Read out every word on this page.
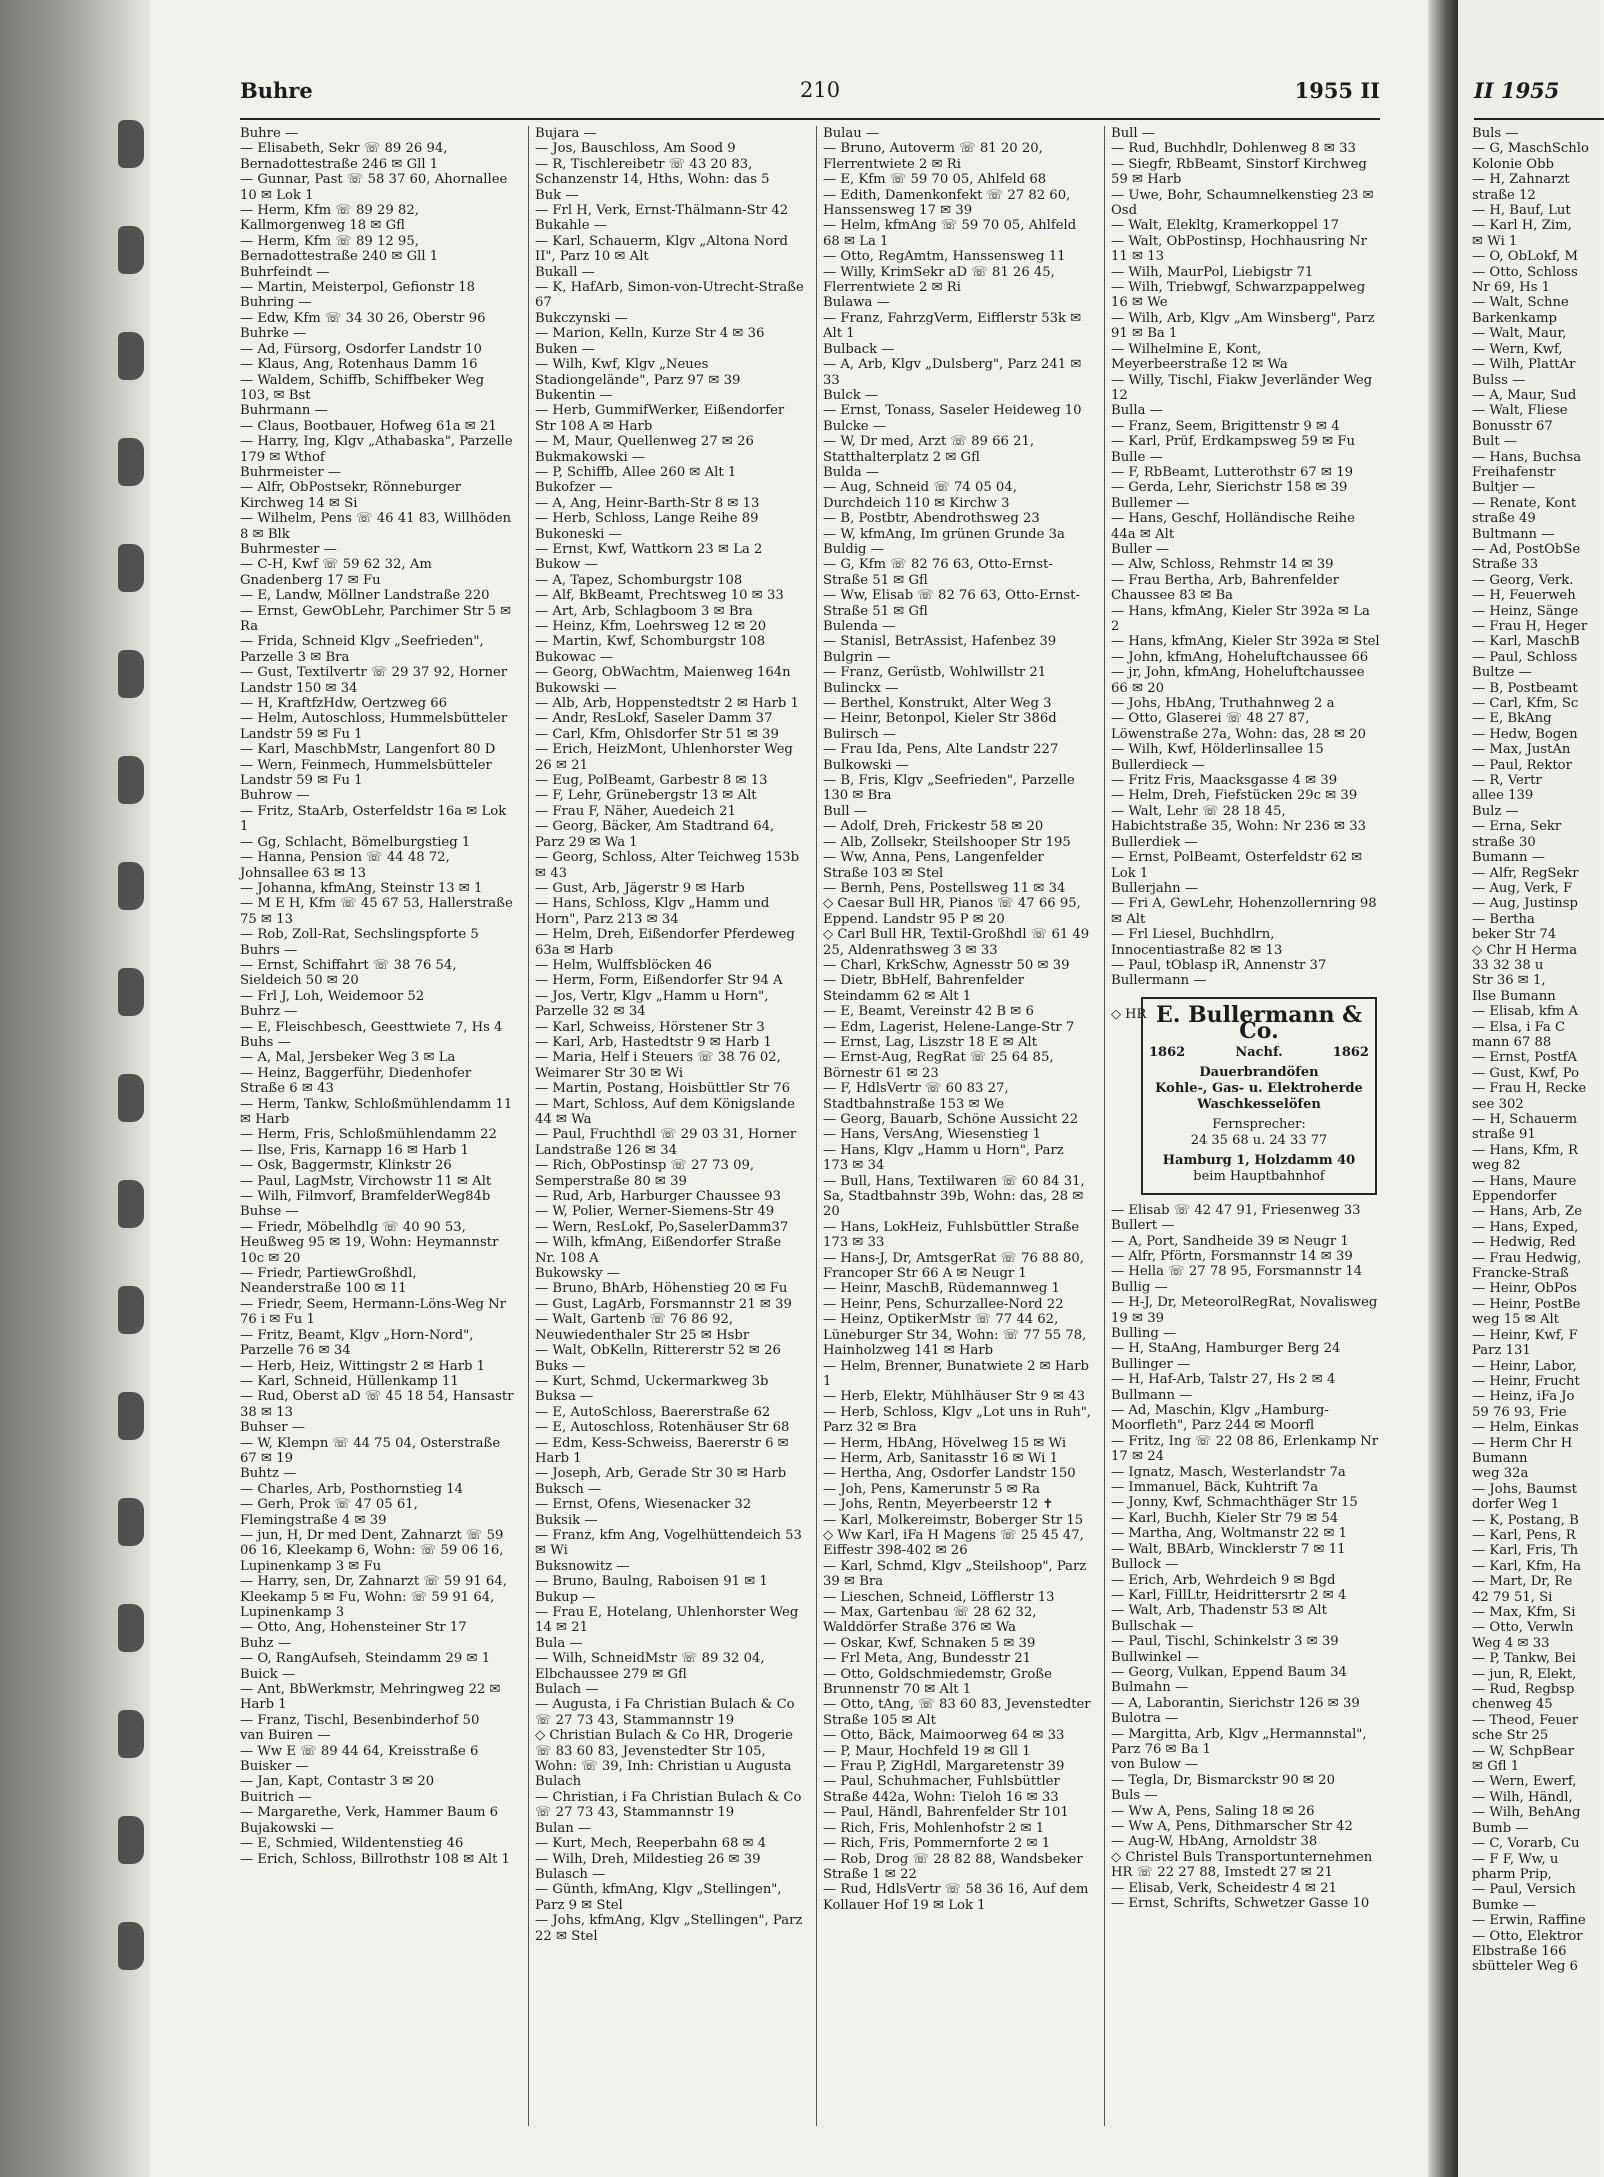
Buhre	210	1955 II
Buhre —
— Elisabeth, Sekr ☏ 89 26 94, Bernadottestraße 246 ✉ Gll 1
— Gunnar, Past ☏ 58 37 60, Ahornallee 10 ✉ Lok 1
— Herm, Kfm ☏ 89 29 82, Kallmorgenweg 18 ✉ Gfl
— Herm, Kfm ☏ 89 12 95, Bernadottestraße 240 ✉ Gll 1
Buhrfeindt —
— Martin, Meisterpol, Gefionstr 18
Buhring —
— Edw, Kfm ☏ 34 30 26, Oberstr 96
Buhrke —
— Ad, Fürsorg, Osdorfer Landstr 10
— Klaus, Ang, Rotenhaus Damm 16
— Waldem, Schiffb, Schiffbeker Weg 103, ✉ Bst
Buhrmann —
— Claus, Bootbauer, Hofweg 61a ✉ 21
— Harry, Ing, Klgv „Athabaska", Parzelle 179 ✉ Wthof
Buhrmeister —
— Alfr, ObPostsekr, Rönneburger Kirchweg 14 ✉ Si
— Wilhelm, Pens ☏ 46 41 83, Willhöden 8 ✉ Blk
Buhrmester —
— C-H, Kwf ☏ 59 62 32, Am Gnadenberg 17 ✉ Fu
— E, Landw, Möllner Landstraße 220
— Ernst, GewObLehr, Parchimer Str 5 ✉ Ra
— Frida, Schneid Klgv „Seefrieden", Parzelle 3 ✉ Bra
— Gust, Textilvertr ☏ 29 37 92, Horner Landstr 150 ✉ 34
— H, KraftfzHdw, Oertzweg 66
— Helm, Autoschloss, Hummelsbütteler Landstr 59 ✉ Fu 1
— Karl, MaschbMstr, Langenfort 80 D
— Wern, Feinmech, Hummelsbütteler Landstr 59 ✉ Fu 1
Buhrow —
— Fritz, StaArb, Osterfeldstr 16a ✉ Lok 1
— Gg, Schlacht, Bömelburgstieg 1
— Hanna, Pension ☏ 44 48 72, Johnsallee 63 ✉ 13
— Johanna, kfmAng, Steinstr 13 ✉ 1
— M E H, Kfm ☏ 45 67 53, Hallerstraße 75 ✉ 13
— Rob, Zoll-Rat, Sechslingspforte 5
Buhrs —
— Ernst, Schiffahrt ☏ 38 76 54, Sieldeich 50 ✉ 20
— Frl J, Loh, Weidemoor 52
Buhrz —
— E, Fleischbesch, Geesttwiete 7, Hs 4
Buhs —
— A, Mal, Jersbeker Weg 3 ✉ La
— Heinz, Baggerführ, Diedenhofer Straße 6 ✉ 43
— Herm, Tankw, Schloßmühlendamm 11 ✉ Harb
— Herm, Fris, Schloßmühlendamm 22
— Ilse, Fris, Karnapp 16 ✉ Harb 1
— Osk, Baggermstr, Klinkstr 26
— Paul, LagMstr, Virchowstr 11 ✉ Alt
— Wilh, Filmvorf, BramfelderWeg84b
Buhse —
— Friedr, Möbelhdlg ☏ 40 90 53, Heußweg 95 ✉ 19, Wohn: Heymannstr 10c ✉ 20
— Friedr, PartiewGroßhdl, Neanderstraße 100 ✉ 11
— Friedr, Seem, Hermann-Löns-Weg Nr 76 i ✉ Fu 1
— Fritz, Beamt, Klgv „Horn-Nord", Parzelle 76 ✉ 34
— Herb, Heiz, Wittingstr 2 ✉ Harb 1
— Karl, Schneid, Hüllenkamp 11
— Rud, Oberst aD ☏ 45 18 54, Hansastr 38 ✉ 13
Buhser —
— W, Klempn ☏ 44 75 04, Osterstraße 67 ✉ 19
Buhtz —
— Charles, Arb, Posthornstieg 14
— Gerh, Prok ☏ 47 05 61, Flemingstraße 4 ✉ 39
— jun, H, Dr med Dent, Zahnarzt ☏ 59 06 16, Kleekamp 6, Wohn: ☏ 59 06 16, Lupinenkamp 3 ✉ Fu
— Harry, sen, Dr, Zahnarzt ☏ 59 91 64, Kleekamp 5 ✉ Fu, Wohn: ☏ 59 91 64, Lupinenkamp 3
— Otto, Ang, Hohensteiner Str 17
Buhz —
— O, RangAufseh, Steindamm 29 ✉ 1
Buick —
— Ant, BbWerkmstr, Mehringweg 22 ✉ Harb 1
— Franz, Tischl, Besenbinderhof 50
van Buiren —
— Ww E ☏ 89 44 64, Kreisstraße 6
Buisker —
— Jan, Kapt, Contastr 3 ✉ 20
Buitrich —
— Margarethe, Verk, Hammer Baum 6
Bujakowski —
— E, Schmied, Wildentenstieg 46
— Erich, Schloss, Billrothstr 108 ✉ Alt 1
Bujara —
— Jos, Bauschloss, Am Sood 9
— R, Tischlereibetr ☏ 43 20 83, Schanzenstr 14, Hths, Wohn: das 5
Buk —
— Frl H, Verk, Ernst-Thälmann-Str 42
Bukahle —
— Karl, Schauerm, Klgv „Altona Nord II", Parz 10 ✉ Alt
Bukall —
— K, HafArb, Simon-von-Utrecht-Straße 67
Bukczynski —
— Marion, Kelln, Kurze Str 4 ✉ 36
Buken —
— Wilh, Kwf, Klgv „Neues Stadiongelände", Parz 97 ✉ 39
Bukentin —
— Herb, GummifWerker, Eißendorfer Str 108 A ✉ Harb
— M, Maur, Quellenweg 27 ✉ 26
Bukmakowski —
— P, Schiffb, Allee 260 ✉ Alt 1
Bukofzer —
— A, Ang, Heinr-Barth-Str 8 ✉ 13
— Herb, Schloss, Lange Reihe 89
Bukoneski —
— Ernst, Kwf, Wattkorn 23 ✉ La 2
Bukow —
— A, Tapez, Schomburgstr 108
— Alf, BkBeamt, Prechtsweg 10 ✉ 33
— Art, Arb, Schlagboom 3 ✉ Bra
— Heinz, Kfm, Loehrsweg 12 ✉ 20
— Martin, Kwf, Schomburgstr 108
Bukowac —
— Georg, ObWachtm, Maienweg 164n
Bukowski —
— Alb, Arb, Hoppenstedtstr 2 ✉ Harb 1
— Andr, ResLokf, Saseler Damm 37
— Carl, Kfm, Ohlsdorfer Str 51 ✉ 39
— Erich, HeizMont, Uhlenhorster Weg 26 ✉ 21
— Eug, PolBeamt, Garbestr 8 ✉ 13
— F, Lehr, Grünebergstr 13 ✉ Alt
— Frau F, Näher, Auedeich 21
— Georg, Bäcker, Am Stadtrand 64, Parz 29 ✉ Wa 1
— Georg, Schloss, Alter Teichweg 153b ✉ 43
— Gust, Arb, Jägerstr 9 ✉ Harb
— Hans, Schloss, Klgv „Hamm und Horn", Parz 213 ✉ 34
— Helm, Dreh, Eißendorfer Pferdeweg 63a ✉ Harb
— Helm, Wulffsblöcken 46
— Herm, Form, Eißendorfer Str 94 A
— Jos, Vertr, Klgv „Hamm u Horn", Parzelle 32 ✉ 34
— Karl, Schweiss, Hörstener Str 3
— Karl, Arb, Hastedtstr 9 ✉ Harb 1
— Maria, Helf i Steuers ☏ 38 76 02, Weimarer Str 30 ✉ Wi
— Martin, Postang, Hoisbüttler Str 76
— Mart, Schloss, Auf dem Königslande 44 ✉ Wa
— Paul, Fruchthdl ☏ 29 03 31, Horner Landstraße 126 ✉ 34
— Rich, ObPostinsp ☏ 27 73 09, Semperstraße 80 ✉ 39
— Rud, Arb, Harburger Chaussee 93
— W, Polier, Werner-Siemens-Str 49
— Wern, ResLokf, Po,SaselerDamm37
— Wilh, kfmAng, Eißendorfer Straße Nr. 108 A
Bukowsky —
— Bruno, BhArb, Höhenstieg 20 ✉ Fu
— Gust, LagArb, Forsmannstr 21 ✉ 39
— Walt, Gartenb ☏ 76 86 92, Neuwiedenthaler Str 25 ✉ Hsbr
— Walt, ObKelln, Rittererstr 52 ✉ 26
Buks —
— Kurt, Schmd, Uckermarkweg 3b
Buksa —
— E, AutoSchloss, Baererstraße 62
— E, Autoschloss, Rotenhäuser Str 68
— Edm, Kess-Schweiss, Baererstr 6 ✉ Harb 1
— Joseph, Arb, Gerade Str 30 ✉ Harb
Buksch —
— Ernst, Ofens, Wiesenacker 32
Buksik —
— Franz, kfm Ang, Vogelhüttendeich 53 ✉ Wi
Buksnowitz —
— Bruno, Baulng, Raboisen 91 ✉ 1
Bukup —
— Frau E, Hotelang, Uhlenhorster Weg 14 ✉ 21
Bula —
— Wilh, SchneidMstr ☏ 89 32 04, Elbchaussee 279 ✉ Gfl
Bulach —
— Augusta, i Fa Christian Bulach & Co ☏ 27 73 43, Stammannstr 19
◇ Christian Bulach & Co HR, Drogerie ☏ 83 60 83, Jevenstedter Str 105, Wohn: ☏ 39, Inh: Christian u Augusta Bulach
— Christian, i Fa Christian Bulach & Co ☏ 27 73 43, Stammannstr 19
Bulan —
— Kurt, Mech, Reeperbahn 68 ✉ 4
— Wilh, Dreh, Mildestieg 26 ✉ 39
Bulasch —
— Günth, kfmAng, Klgv „Stellingen", Parz 9 ✉ Stel
— Johs, kfmAng, Klgv „Stellingen", Parz 22 ✉ Stel
Bulau —
— Bruno, Autoverm ☏ 81 20 20, Flerrentwiete 2 ✉ Ri
— E, Kfm ☏ 59 70 05, Ahlfeld 68
— Edith, Damenkonfekt ☏ 27 82 60, Hanssensweg 17 ✉ 39
— Helm, kfmAng ☏ 59 70 05, Ahlfeld 68 ✉ La 1
— Otto, RegAmtm, Hanssensweg 11
— Willy, KrimSekr aD ☏ 81 26 45, Flerrentwiete 2 ✉ Ri
Bulawa —
— Franz, FahrzgVerm, Eifflerstr 53k ✉ Alt 1
Bulback —
— A, Arb, Klgv „Dulsberg", Parz 241 ✉ 33
Bulck —
— Ernst, Tonass, Saseler Heideweg 10
Bulcke —
— W, Dr med, Arzt ☏ 89 66 21, Statthalterplatz 2 ✉ Gfl
Bulda —
— Aug, Schneid ☏ 74 05 04, Durchdeich 110 ✉ Kirchw 3
— B, Postbtr, Abendrothsweg 23
— W, kfmAng, Im grünen Grunde 3a
Buldig —
— G, Kfm ☏ 82 76 63, Otto-Ernst-Straße 51 ✉ Gfl
— Ww, Elisab ☏ 82 76 63, Otto-Ernst-Straße 51 ✉ Gfl
Bulenda —
— Stanisl, BetrAssist, Hafenbez 39
Bulgrin —
— Franz, Gerüstb, Wohlwillstr 21
Bulinckx —
— Berthel, Konstrukt, Alter Weg 3
— Heinr, Betonpol, Kieler Str 386d
Bulirsch —
— Frau Ida, Pens, Alte Landstr 227
Bulkowski —
— B, Fris, Klgv „Seefrieden", Parzelle 130 ✉ Bra
Bull —
— Adolf, Dreh, Frickestr 58 ✉ 20
— Alb, Zollsekr, Steilshooper Str 195
— Ww, Anna, Pens, Langenfelder Straße 103 ✉ Stel
— Bernh, Pens, Postellsweg 11 ✉ 34
◇ Caesar Bull HR, Pianos ☏ 47 66 95, Eppend. Landstr 95 P ✉ 20
◇ Carl Bull HR, Textil-Großhdl ☏ 61 49 25, Aldenrathsweg 3 ✉ 33
— Charl, KrkSchw, Agnesstr 50 ✉ 39
— Dietr, BbHelf, Bahrenfelder Steindamm 62 ✉ Alt 1
— E, Beamt, Vereinstr 42 B ✉ 6
— Edm, Lagerist, Helene-Lange-Str 7
— Ernst, Lag, Liszstr 18 E ✉ Alt
— Ernst-Aug, RegRat ☏ 25 64 85, Börnestr 61 ✉ 23
— F, HdlsVertr ☏ 60 83 27, Stadtbahnstraße 153 ✉ We
— Georg, Bauarb, Schöne Aussicht 22
— Hans, VersAng, Wiesenstieg 1
— Hans, Klgv „Hamm u Horn", Parz 173 ✉ 34
— Bull, Hans, Textilwaren ☏ 60 84 31, Sa, Stadtbahnstr 39b, Wohn: das, 28 ✉ 20
— Hans, LokHeiz, Fuhlsbüttler Straße 173 ✉ 33
— Hans-J, Dr, AmtsgerRat ☏ 76 88 80, Francoper Str 66 A ✉ Neugr 1
— Heinr, MaschB, Rüdemannweg 1
— Heinr, Pens, Schurzallee-Nord 22
— Heinz, OptikerMstr ☏ 77 44 62, Lüneburger Str 34, Wohn: ☏ 77 55 78, Hainholzweg 141 ✉ Harb
— Helm, Brenner, Bunatwiete 2 ✉ Harb 1
— Herb, Elektr, Mühlhäuser Str 9 ✉ 43
— Herb, Schloss, Klgv „Lot uns in Ruh", Parz 32 ✉ Bra
— Herm, HbAng, Hövelweg 15 ✉ Wi
— Herm, Arb, Sanitasstr 16 ✉ Wi 1
— Hertha, Ang, Osdorfer Landstr 150
— Joh, Pens, Kamerunstr 5 ✉ Ra
— Johs, Rentn, Meyerbeerstr 12 ✝
— Karl, Molkereimstr, Boberger Str 15
◇ Ww Karl, iFa H Magens ☏ 25 45 47, Eiffestr 398-402 ✉ 26
— Karl, Schmd, Klgv „Steilshoop", Parz 39 ✉ Bra
— Lieschen, Schneid, Löfflerstr 13
— Max, Gartenbau ☏ 28 62 32, Walddörfer Straße 376 ✉ Wa
— Oskar, Kwf, Schnaken 5 ✉ 39
— Frl Meta, Ang, Bundesstr 21
— Otto, Goldschmiedemstr, Große Brunnenstr 70 ✉ Alt 1
— Otto, tAng, ☏ 83 60 83, Jevenstedter Straße 105 ✉ Alt
— Otto, Bäck, Maimoorweg 64 ✉ 33
— P, Maur, Hochfeld 19 ✉ Gll 1
— Frau P, ZigHdl, Margaretenstr 39
— Paul, Schuhmacher, Fuhlsbüttler Straße 442a, Wohn: Tieloh 16 ✉ 33
— Paul, Händl, Bahrenfelder Str 101
— Rich, Fris, Mohlenhofstr 2 ✉ 1
— Rich, Fris, Pommernforte 2 ✉ 1
— Rob, Drog ☏ 28 82 88, Wandsbeker Straße 1 ✉ 22
— Rud, HdlsVertr ☏ 58 36 16, Auf dem Kollauer Hof 19 ✉ Lok 1
Bull —
— Rud, Buchhdlr, Dohlenweg 8 ✉ 33
— Siegfr, RbBeamt, Sinstorf Kirchweg 59 ✉ Harb
— Uwe, Bohr, Schaumnelkenstieg 23 ✉ Osd
— Walt, Elekltg, Kramerkoppel 17
— Walt, ObPostinsp, Hochhausring Nr 11 ✉ 13
— Wilh, MaurPol, Liebigstr 71
— Wilh, Triebwgf, Schwarzpappelweg 16 ✉ We
— Wilh, Arb, Klgv „Am Winsberg", Parz 91 ✉ Ba 1
— Wilhelmine E, Kont, Meyerbeerstraße 12 ✉ Wa
— Willy, Tischl, Fiakw Jeverländer Weg 12
Bulla —
— Franz, Seem, Brigittenstr 9 ✉ 4
— Karl, Prüf, Erdkampsweg 59 ✉ Fu
Bulle —
— F, RbBeamt, Lutterothstr 67 ✉ 19
— Gerda, Lehr, Sierichstr 158 ✉ 39
Bullemer —
— Hans, Geschf, Holländische Reihe 44a ✉ Alt
Buller —
— Alw, Schloss, Rehmstr 14 ✉ 39
— Frau Bertha, Arb, Bahrenfelder Chaussee 83 ✉ Ba
— Hans, kfmAng, Kieler Str 392a ✉ La 2
— Hans, kfmAng, Kieler Str 392a ✉ Stel
— John, kfmAng, Hoheluftchaussee 66
— jr, John, kfmAng, Hoheluftchaussee 66 ✉ 20
— Johs, HbAng, Truthahnweg 2 a
— Otto, Glaserei ☏ 48 27 87, Löwenstraße 27a, Wohn: das, 28 ✉ 20
— Wilh, Kwf, Hölderlinsallee 15
Bullerdieck —
— Fritz Fris, Maacksgasse 4 ✉ 39
— Helm, Dreh, Fiefstücken 29c ✉ 39
— Walt, Lehr ☏ 28 18 45, Habichtstraße 35, Wohn: Nr 236 ✉ 33
Bullerdiek —
— Ernst, PolBeamt, Osterfeldstr 62 ✉ Lok 1
Bullerjahn —
— Fri A, GewLehr, Hohenzollernring 98 ✉ Alt
— Frl Liesel, Buchhdlrn, Innocentiastraße 82 ✉ 13
— Paul, tOblasp iR, Annenstr 37
Bullermann —
◇ HR E. Bullermann & Co.
1862	Nachf.	1862
Dauerbrandöfen
Kohle-, Gas- u. Elektroherde
Waschkesselöfen
Fernsprecher:
24 35 68 u. 24 33 77
Hamburg 1, Holzdamm 40
beim Hauptbahnhof
— Elisab ☏ 42 47 91, Friesenweg 33
Bullert —
— A, Port, Sandheide 39 ✉ Neugr 1
— Alfr, Pförtn, Forsmannstr 14 ✉ 39
— Hella ☏ 27 78 95, Forsmannstr 14
Bullig —
— H-J, Dr, MeteorolRegRat, Novalisweg 19 ✉ 39
Bulling —
— H, StaAng, Hamburger Berg 24
Bullinger —
— H, Haf-Arb, Talstr 27, Hs 2 ✉ 4
Bullmann —
— Ad, Maschin, Klgv „Hamburg-Moorfleth", Parz 244 ✉ Moorfl
— Fritz, Ing ☏ 22 08 86, Erlenkamp Nr 17 ✉ 24
— Ignatz, Masch, Westerlandstr 7a
— Immanuel, Bäck, Kuhtrift 7a
— Jonny, Kwf, Schmachthäger Str 15
— Karl, Buchh, Kieler Str 79 ✉ 54
— Martha, Ang, Woltmanstr 22 ✉ 1
— Walt, BBArb, Wincklerstr 7 ✉ 11
Bullock —
— Erich, Arb, Wehrdeich 9 ✉ Bgd
— Karl, FillLtr, Heidrittersrtr 2 ✉ 4
— Walt, Arb, Thadenstr 53 ✉ Alt
Bullschak —
— Paul, Tischl, Schinkelstr 3 ✉ 39
Bullwinkel —
— Georg, Vulkan, Eppend Baum 34
Bulmahn —
— A, Laborantin, Sierichstr 126 ✉ 39
Bulotra —
— Margitta, Arb, Klgv „Hermannstal", Parz 76 ✉ Ba 1
von Bulow —
— Tegla, Dr, Bismarckstr 90 ✉ 20
Buls —
— Ww A, Pens, Saling 18 ✉ 26
— Ww A, Pens, Dithmarscher Str 42
— Aug-W, HbAng, Arnoldstr 38
◇ Christel Buls Transportunternehmen HR ☏ 22 27 88, Imstedt 27 ✉ 21
— Elisab, Verk, Scheidestr 4 ✉ 21
— Ernst, Schrifts, Schwetzer Gasse 10
II 1955
Buls —
— G, MaschSchlo
Kolonie Obb
— H, Zahnarzt
straße 12
— H, Bauf, Lut
— Karl H, Zim,
✉ Wi 1
— O, ObLokf, M
— Otto, Schloss
Nr 69, Hs 1
— Walt, Schne
Barkenkamp
— Walt, Maur,
— Wern, Kwf,
— Wilh, PlattAr
Bulss —
— A, Maur, Sud
— Walt, Fliese
Bonusstr 67
Bult —
— Hans, Buchsa
Freihafenstr
Bultjer —
— Renate, Kont
straße 49
Bultmann —
— Ad, PostObSe
Straße 33
— Georg, Verk.
— H, Feuerweh
— Heinz, Sänge
— Frau H, Heger
— Karl, MaschB
— Paul, Schloss
Bultze —
— B, Postbeamt
— Carl, Kfm, Sc
— E, BkAng
— Hedw, Bogen
— Max, JustAn
— Paul, Rektor
— R, Vertr
allee 139
Bulz —
— Erna, Sekr
straße 30
Bumann —
— Alfr, RegSekr
— Aug, Verk, F
— Aug, Justinsp
— Bertha
beker Str 74
◇ Chr H Herma
33 32 38 u
Str 36 ✉ 1,
Ilse Bumann
— Elisab, kfm A
— Elsa, i Fa C
mann 67 88
— Ernst, PostfA
— Gust, Kwf, Po
— Frau H, Recke
see 302
— H, Schauerm
straße 91
— Hans, Kfm, R
weg 82
— Hans, Maure
Eppendorfer
— Hans, Arb, Ze
— Hans, Exped,
— Hedwig, Red
— Frau Hedwig,
Francke-Straß
— Heinr, ObPos
— Heinr, PostBe
weg 15 ✉ Alt
— Heinr, Kwf, F
Parz 131
— Heinr, Labor,
— Heinr, Frucht
— Heinz, iFa Jo
59 76 93, Frie
— Helm, Einkas
— Herm Chr H
Bumann
weg 32a
— Johs, Baumst
dorfer Weg 1
— K, Postang, B
— Karl, Pens, R
— Karl, Fris, Th
— Karl, Kfm, Ha
— Mart, Dr, Re
42 79 51, Si
— Max, Kfm, Si
— Otto, Verwln
Weg 4 ✉ 33
— P, Tankw, Bei
— jun, R, Elekt,
— Rud, Regbsp
chenweg 45
— Theod, Feuer
sche Str 25
— W, SchpBear
✉ Gfl 1
— Wern, Ewerf,
— Wilh, Händl,
— Wilh, BehAng
Bumb —
— C, Vorarb, Cu
— F F, Ww, u
pharm Prip,
— Paul, Versich
Bumke —
— Erwin, Raffine
— Otto, Elektror
Elbstraße 166
sbütteler Weg 6
